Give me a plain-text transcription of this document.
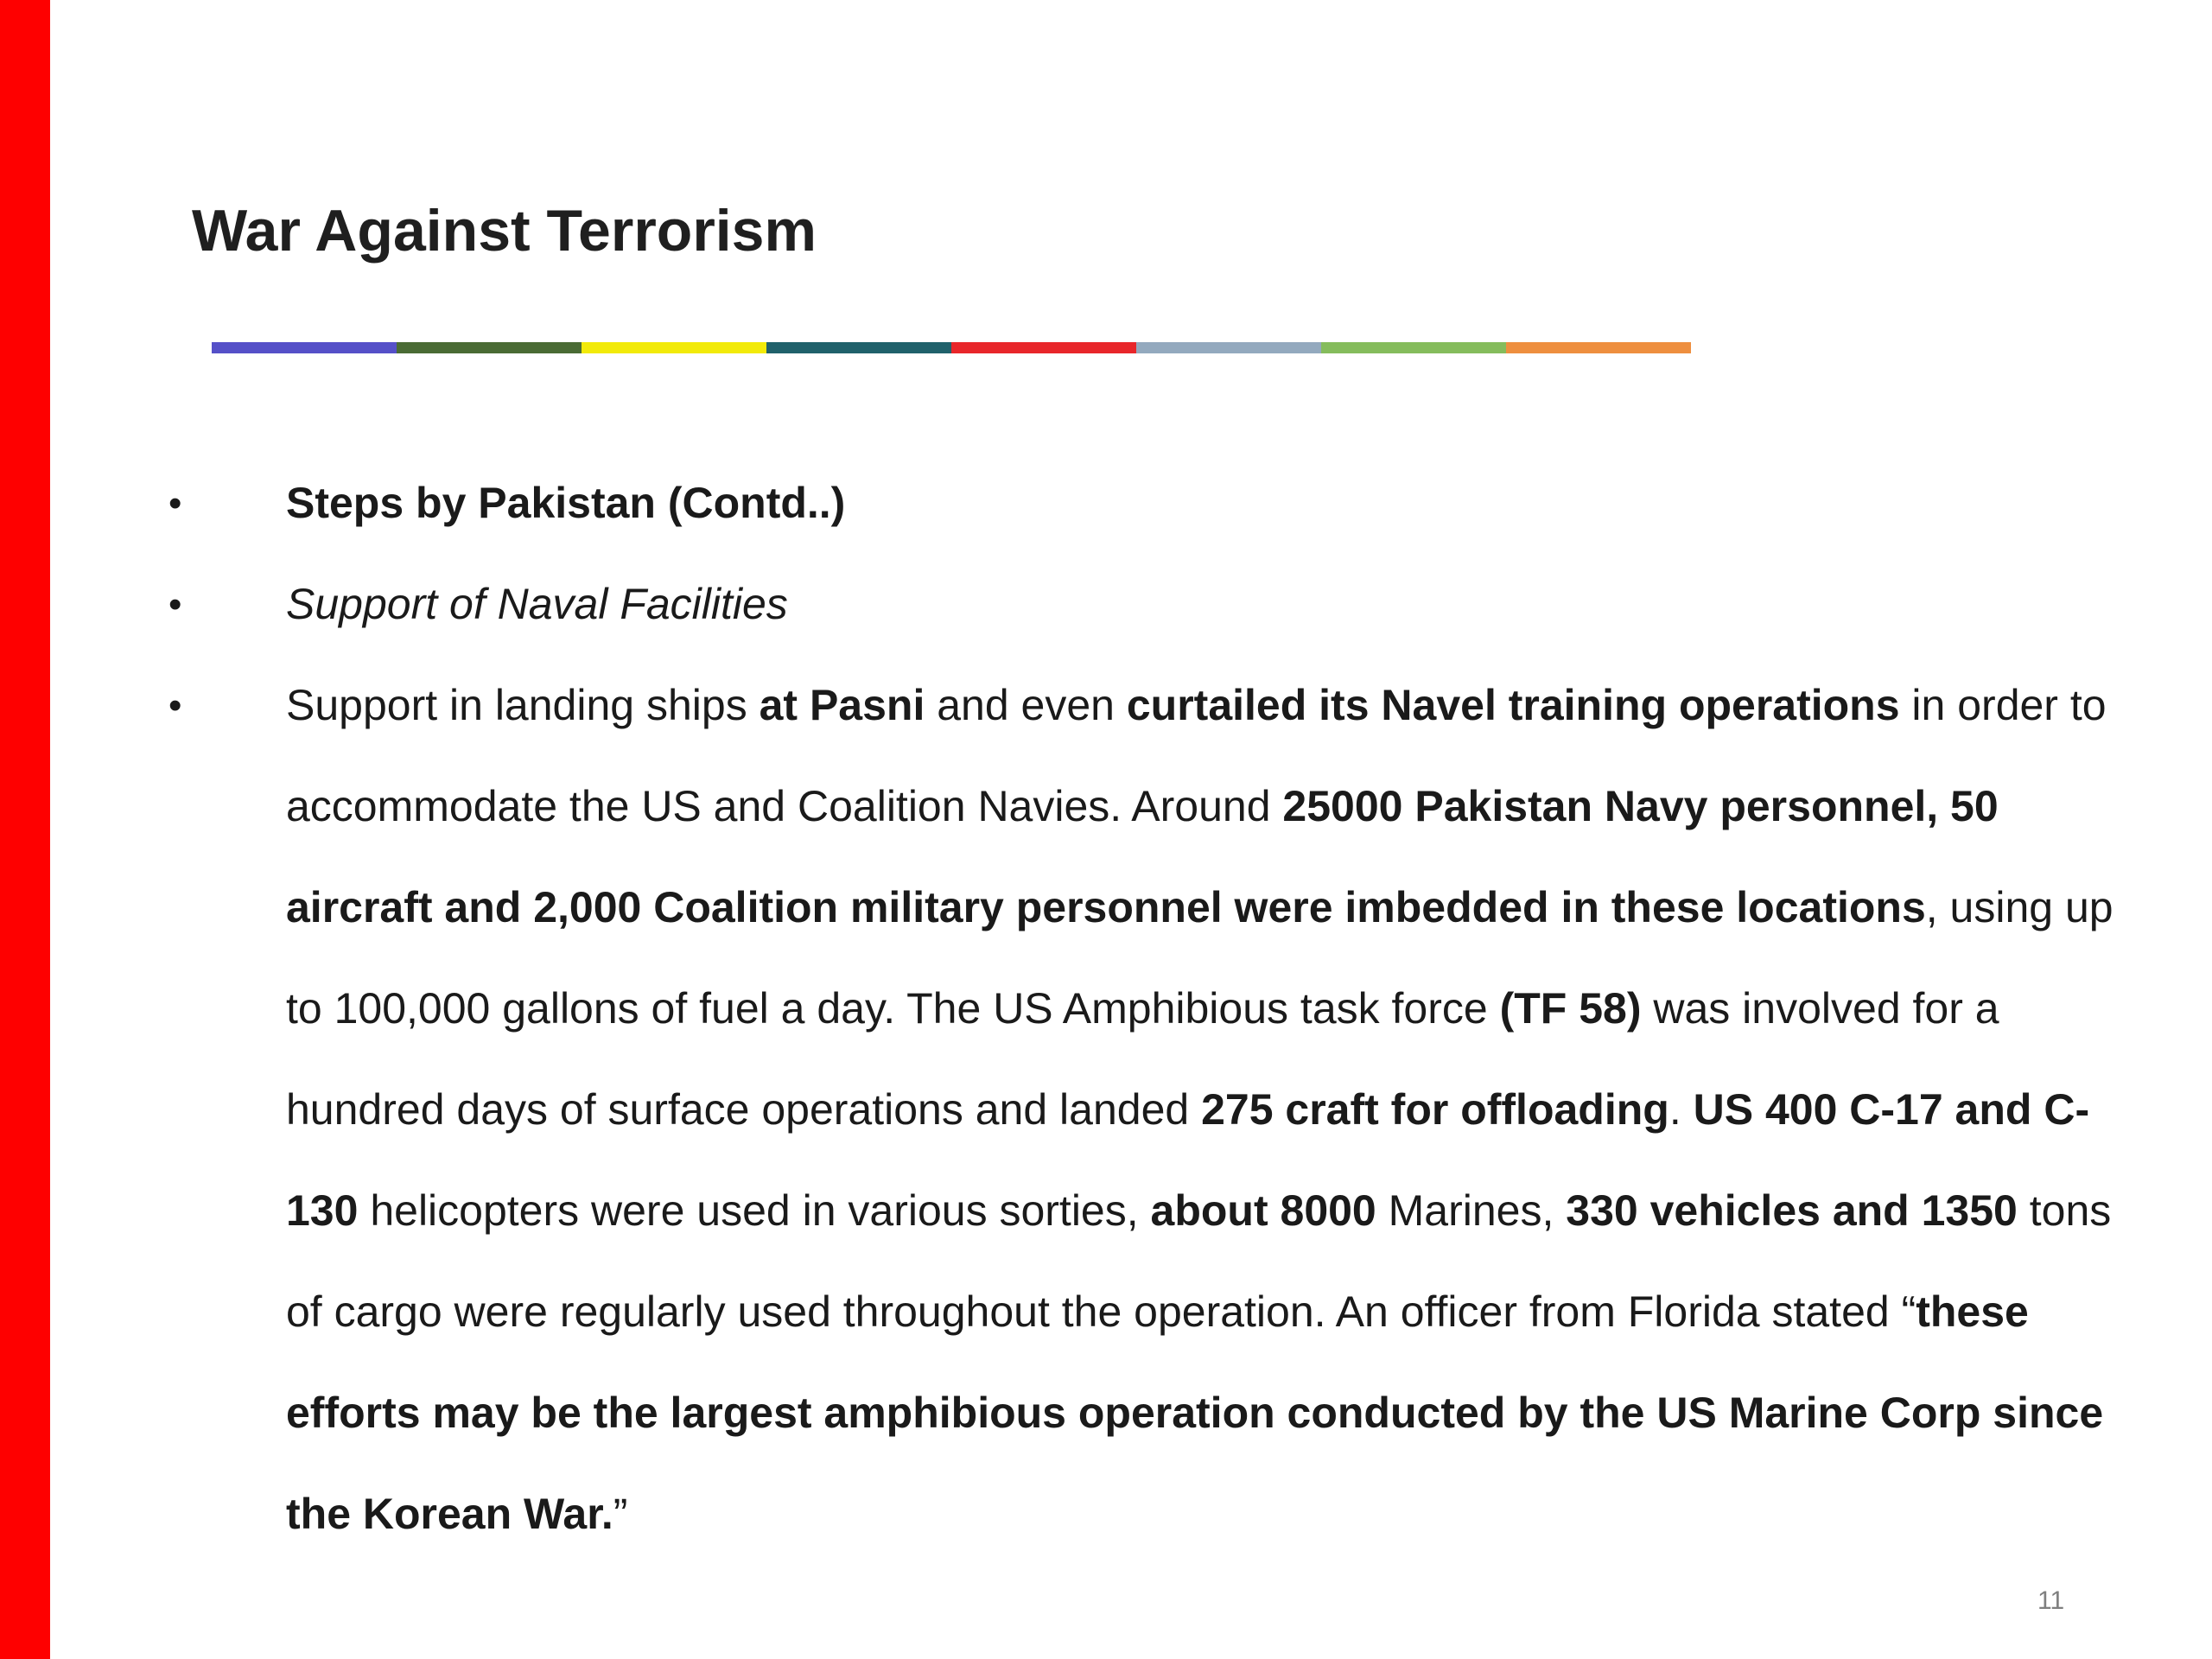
War Against Terrorism
•	Steps by Pakistan (Contd..)
•	Support of Naval Facilities
•	Support in landing ships at Pasni and even curtailed its Navel training operations in order to accommodate the US and Coalition Navies. Around 25000 Pakistan Navy personnel, 50 aircraft and 2,000 Coalition military personnel were imbedded in these locations, using up to 100,000 gallons of fuel a day. The US Amphibious task force (TF 58) was involved for a hundred days of surface operations and landed 275 craft for offloading. US 400 C-17 and C-130 helicopters were used in various sorties, about 8000 Marines, 330 vehicles and 1350 tons of cargo were regularly used throughout the operation. An officer from Florida stated “these efforts may be the largest amphibious operation conducted by the US Marine Corp since the Korean War.”
11
